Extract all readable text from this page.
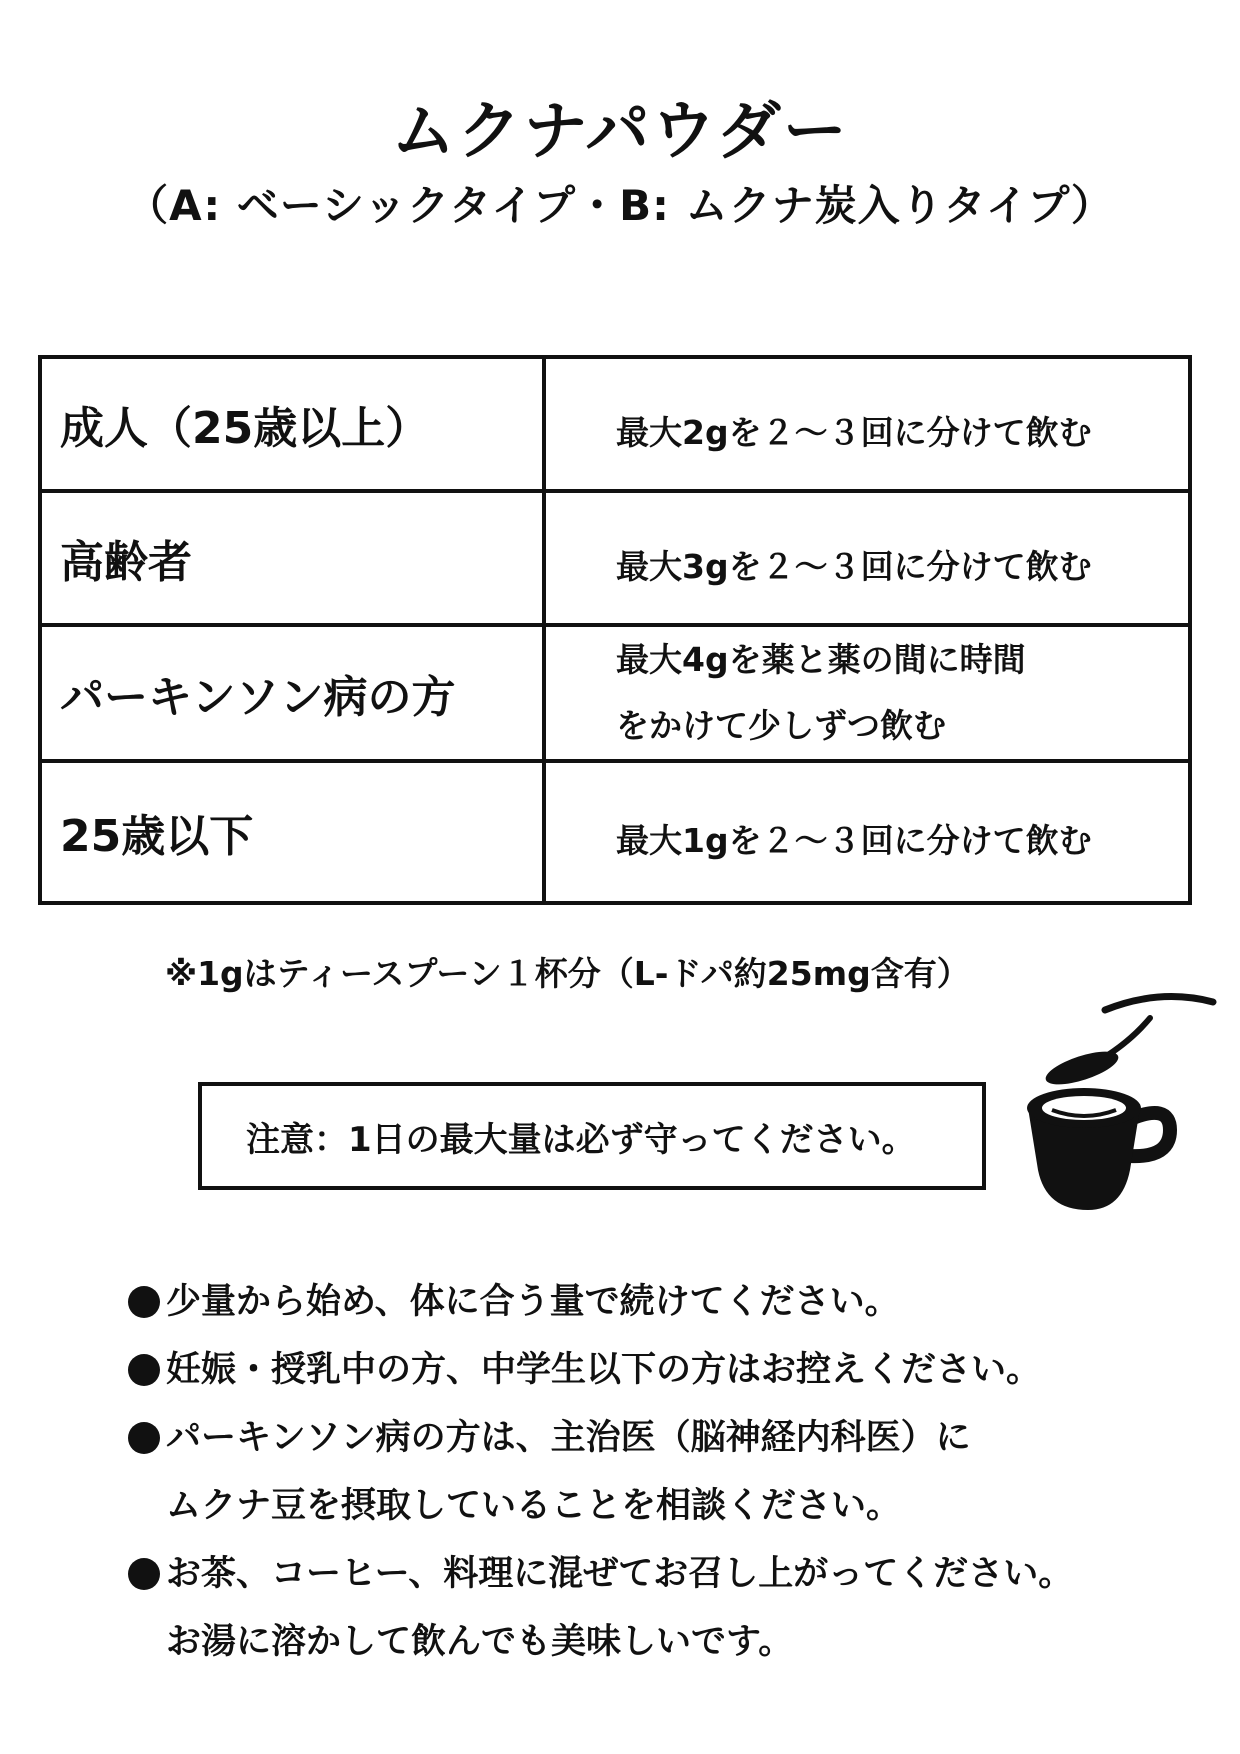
ムクナパウダー
（A: ベーシックタイプ・B: ムクナ炭入りタイプ）
成人（25歳以上）	最大2gを２～３回に分けて飲む

高齢者	最大3gを２～３回に分けて飲む

パーキンソン病の方	最大4gを薬と薬の間に時間
をかけて少しずつ飲む

25歳以下	最大1gを２～３回に分けて飲む
※1gはティースプーン１杯分（L-ドパ約25mg含有）
注意：1日の最大量は必ず守ってください。
少量から始め、体に合う量で続けてください。
妊娠・授乳中の方、中学生以下の方はお控えください。
パーキンソン病の方は、主治医（脳神経内科医）に
ムクナ豆を摂取していることを相談ください。
お茶、コーヒー、料理に混ぜてお召し上がってください。
お湯に溶かして飲んでも美味しいです。
